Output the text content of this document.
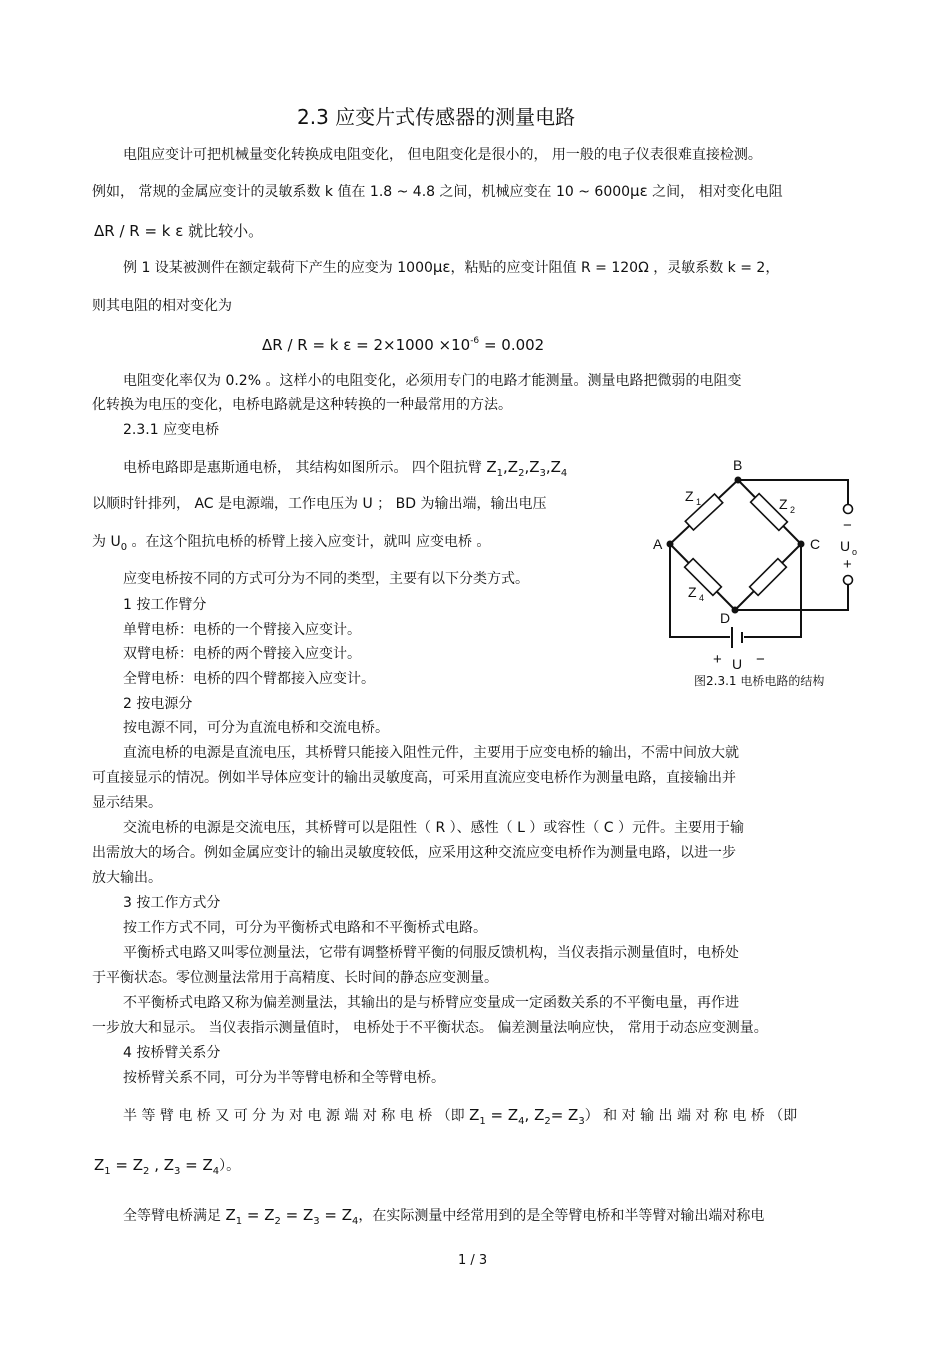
2.3 应变片式传感器的测量电路
电阻应变计可把机械量变化转换成电阻变化， 但电阻变化是很小的， 用一般的电子仪表很难直接检测。
例如， 常规的金属应变计的灵敏系数 k 值在 1.8 ~ 4.8 之间，机械应变在 10 ~ 6000με 之间， 相对变化电阻
ΔR / R = k ε 就比较小。
例 1 设某被测件在额定载荷下产生的应变为 1000με，粘贴的应变计阻值 R = 120Ω ，灵敏系数 k = 2，
则其电阻的相对变化为
ΔR / R = k $\varepsilon = 2\times 1000 \times 10^{-6} = 0.002$
电阻变化率仅为 0.2% 。这样小的电阻变化，必须用专门的电路才能测量。测量电路把微弱的电阻变
化转换为电压的变化，电桥电路就是这种转换的一种最常用的方法。
2.3.1 应变电桥
电桥电路即是惠斯通电桥， 其结构如图所示。 四个阻抗臂 $Z_1,Z_2,Z_3,Z_4$
以顺时针排列， AC 是电源端，工作电压为 U ； BD 为输出端，输出电压
为 $U_0$ 。在这个阻抗电桥的桥臂上接入应变计，就叫 应变电桥 。
应变电桥按不同的方式可分为不同的类型，主要有以下分类方式。
1 按工作臂分
单臂电桥：电桥的一个臂接入应变计。
双臂电桥：电桥的两个臂接入应变计。
全臂电桥：电桥的四个臂都接入应变计。
2 按电源分
按电源不同，可分为直流电桥和交流电桥。
B
A	C
D
Z 1	Z 2
Z 4
−
U o
+
+ U −
图2.3.1 电桥电路的结构
直流电桥的电源是直流电压，其桥臂只能接入阻性元件，主要用于应变电桥的输出，不需中间放大就
可直接显示的情况。例如半导体应变计的输出灵敏度高，可采用直流应变电桥作为测量电路，直接输出并
显示结果。
交流电桥的电源是交流电压，其桥臂可以是阻性（ R ）、感性（ L ）或容性（ C ）元件。主要用于输
出需放大的场合。例如金属应变计的输出灵敏度较低，应采用这种交流应变电桥作为测量电路，以进一步
放大输出。
3 按工作方式分
按工作方式不同，可分为平衡桥式电路和不平衡桥式电路。
平衡桥式电路又叫零位测量法，它带有调整桥臂平衡的伺服反馈机构，当仪表指示测量值时，电桥处
于平衡状态。零位测量法常用于高精度、长时间的静态应变测量。
不平衡桥式电路又称为偏差测量法，其输出的是与桥臂应变量成一定函数关系的不平衡电量，再作进
一步放大和显示。 当仪表指示测量值时， 电桥处于不平衡状态。 偏差测量法响应快， 常用于动态应变测量。
4 按桥臂关系分
按桥臂关系不同，可分为半等臂电桥和全等臂电桥。
半 等 臂 电 桥 又 可 分 为 对 电 源 端 对 称 电 桥 （即 $Z_1 = Z_4$, $Z_2= Z_3$） 和 对 输 出 端 对 称 电 桥 （即
$Z_1 = Z_2$ , $Z_3 = Z_4$）。
全等臂电桥满足 $Z_1 = Z_2 = Z_3 = Z_4$，在实际测量中经常用到的是全等臂电桥和半等臂对输出端对称电
1 / 3
